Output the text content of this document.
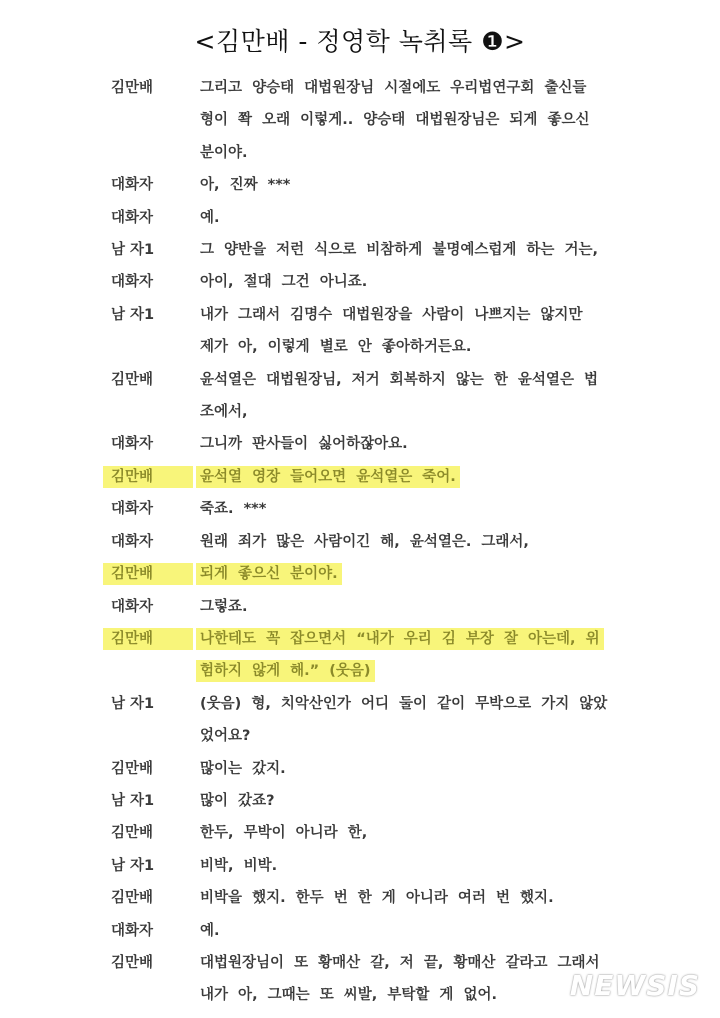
<김만배 - 정영학 녹취록 ❶>
김만배	그리고 양승태 대법원장님 시절에도 우리법연구회 출신들
형이 쫙 오래 이렇게.. 양승태 대법원장님은 되게 좋으신
분이야.
대화자	아, 진짜 ***
대화자	예.
남 자1	그 양반을 저런 식으로 비참하게 불명예스럽게 하는 거는,
대화자	아이, 절대 그건 아니죠.
남 자1	내가 그래서 김명수 대법원장을 사람이 나쁘지는 않지만
제가 아, 이렇게 별로 안 좋아하거든요.
김만배	윤석열은 대법원장님, 저거 회복하지 않는 한 윤석열은 법
조에서,
대화자	그니까 판사들이 싫어하잖아요.
김만배	윤석열 영장 들어오면 윤석열은 죽어.
대화자	죽죠. ***
대화자	원래 죄가 많은 사람이긴 해, 윤석열은. 그래서,
김만배	되게 좋으신 분이야.
대화자	그렇죠.
김만배	나한테도 꼭 잡으면서 “내가 우리 김 부장 잘 아는데, 위
험하지 않게 해.” (웃음)
남 자1	(웃음) 형, 치악산인가 어디 둘이 같이 무박으로 가지 않았
었어요?
김만배	많이는 갔지.
남 자1	많이 갔죠?
김만배	한두, 무박이 아니라 한,
남 자1	비박, 비박.
김만배	비박을 했지. 한두 번 한 게 아니라 여러 번 했지.
대화자	예.
김만배	대법원장님이 또 황매산 갈, 저 끝, 황매산 갈라고 그래서
내가 아, 그때는 또 씨발, 부탁할 게 없어.	NEWSIS
